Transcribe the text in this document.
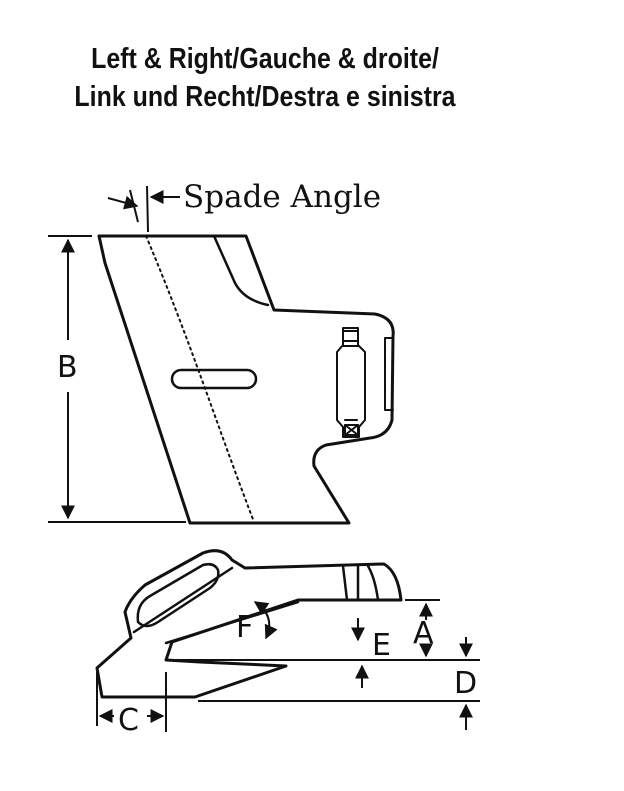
Left & Right/Gauche & droite/
Link und Recht/Destra e sinistra
Spade Angle
B
A
D
E
F
C
